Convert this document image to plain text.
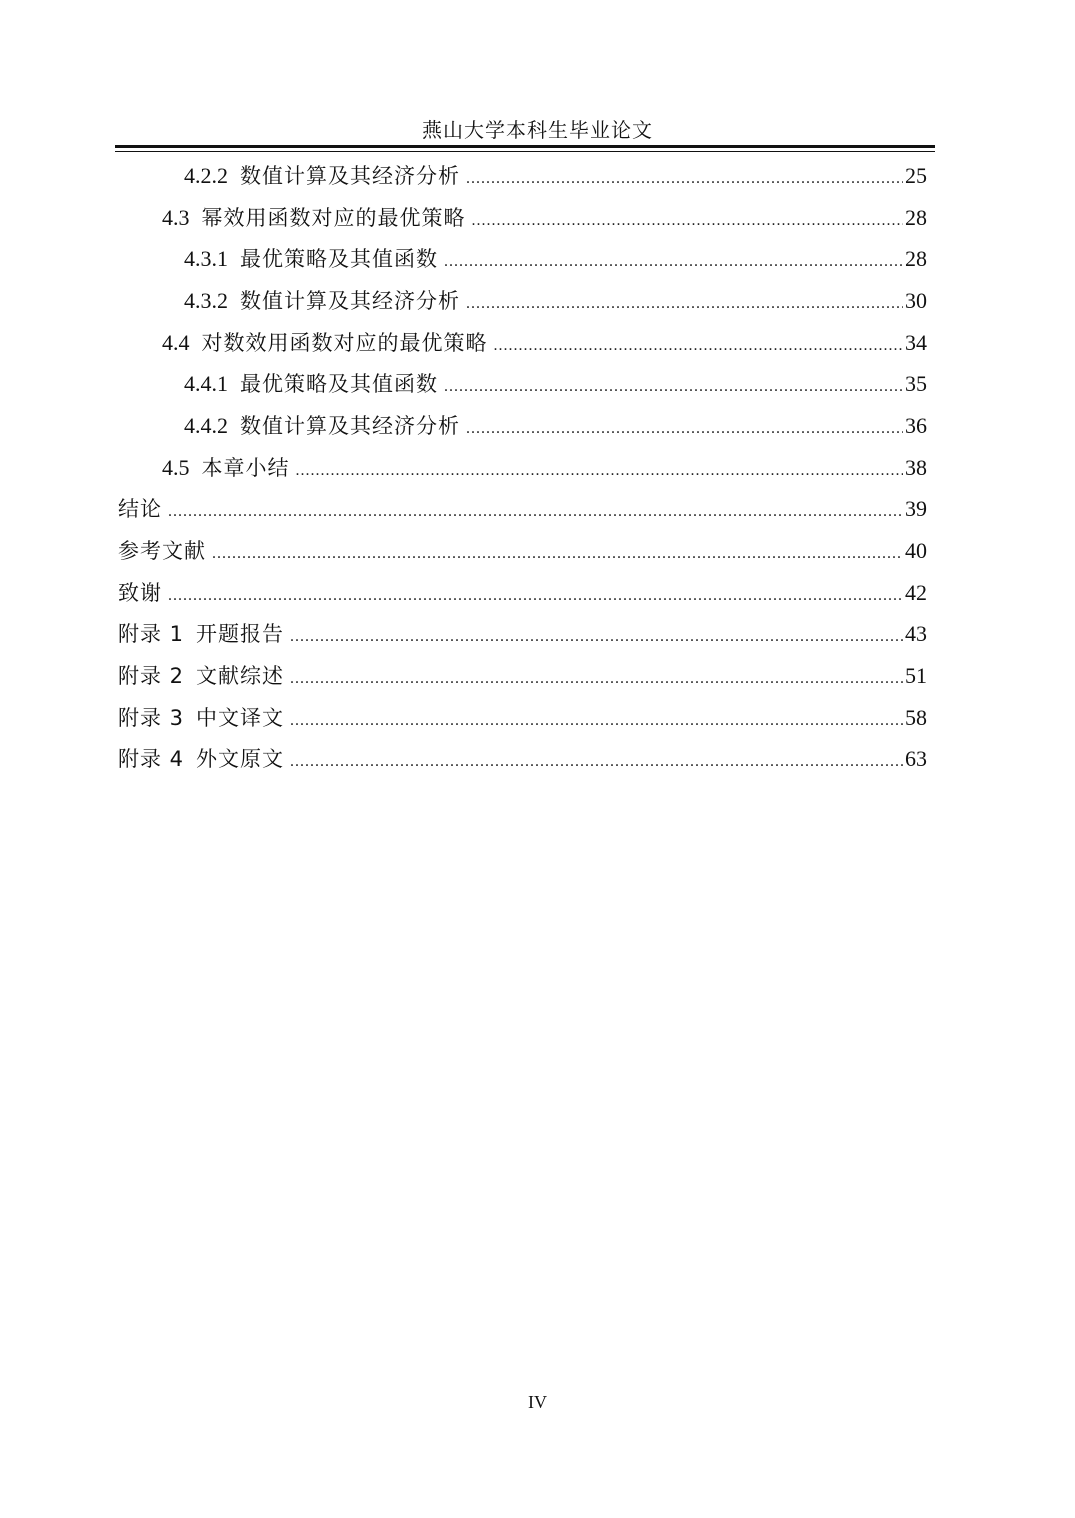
燕山大学本科生毕业论文
4.2.2 数值计算及其经济分析 .....	25
4.3 幂效用函数对应的最优策略 .....	28
4.3.1 最优策略及其值函数 .....	28
4.3.2 数值计算及其经济分析 .....	30
4.4 对数效用函数对应的最优策略 .....	34
4.4.1 最优策略及其值函数 .....	35
4.4.2 数值计算及其经济分析 .....	36
4.5 本章小结 .....	38
结论 .....	39
参考文献 .....	40
致谢 .....	42
附录 1 开题报告 .....	43
附录 2 文献综述 .....	51
附录 3 中文译文 .....	58
附录 4 外文原文 .....	63
IV
